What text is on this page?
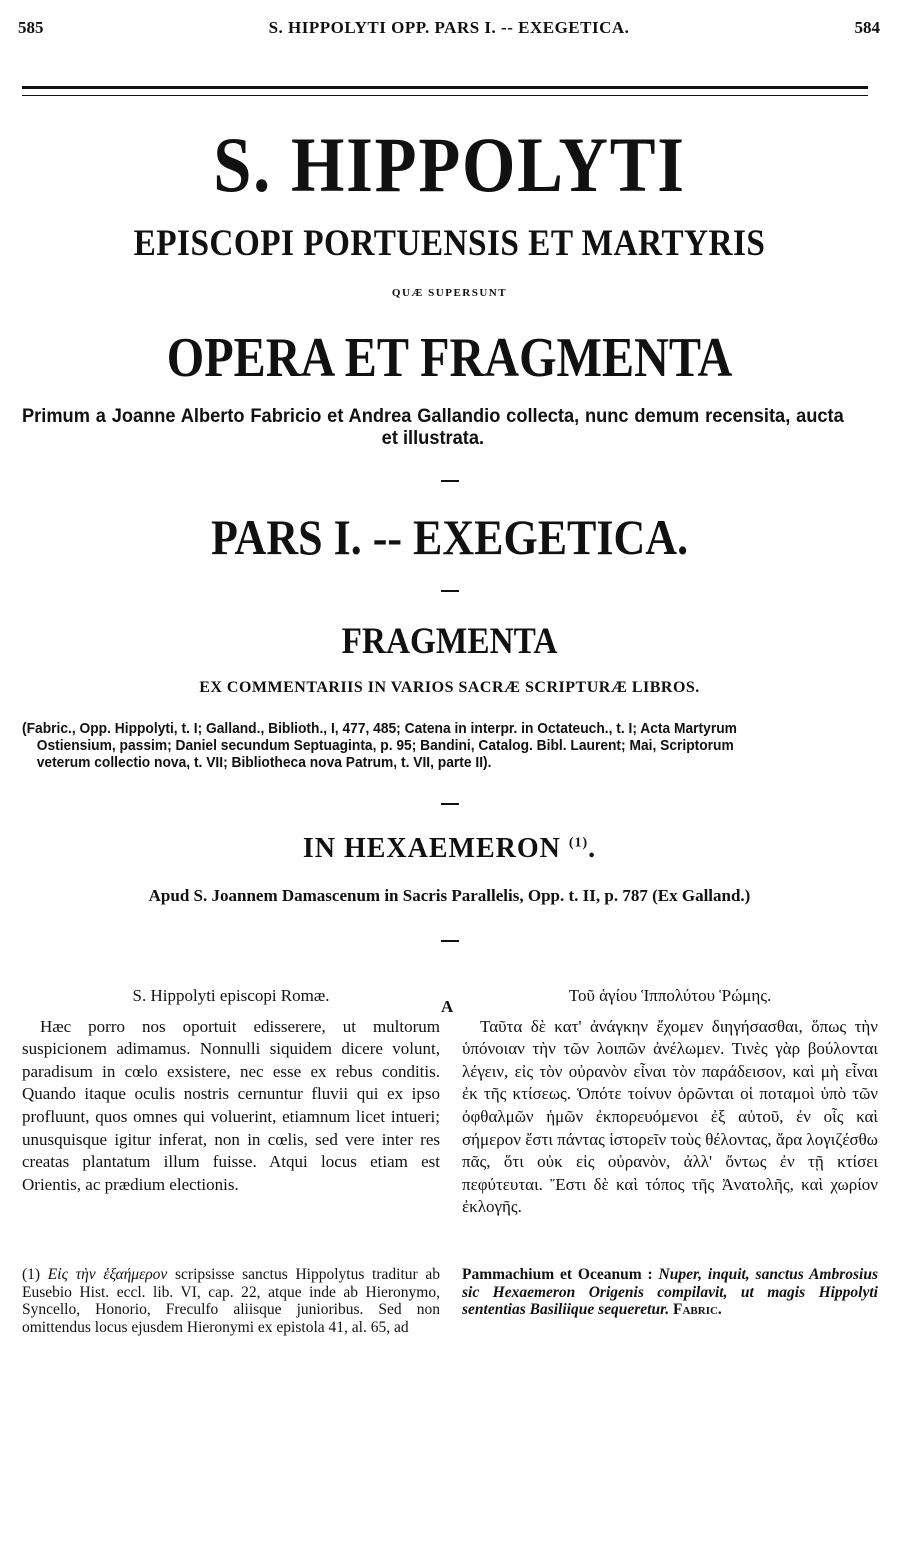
585	S. HIPPOLYTI OPP. PARS I. -- EXEGETICA.	584
S. HIPPOLYTI
EPISCOPI PORTUENSIS ET MARTYRIS
QUÆ SUPERSUNT
OPERA ET FRAGMENTA
Primum a Joanne Alberto Fabricio et Andrea Gallandio collecta, nunc demum recensita, aucta et illustrata.
PARS I. -- EXEGETICA.
FRAGMENTA
EX COMMENTARIIS IN VARIOS SACRÆ SCRIPTURÆ LIBROS.
(Fabric., Opp. Hippolyti, t. I; Galland., Biblioth., I, 477, 485; Catena in interpr. in Octateuch., t. I; Acta Martyrum
Ostiensium, passim; Daniel secundum Septuaginta, p. 95; Bandini, Catalog. Bibl. Laurent; Mai, Scriptorum
veterum collectio nova, t. VII; Bibliotheca nova Patrum, t. VII, parte II).
IN HEXAEMERON $^{(1)}$.
Apud S. Joannem Damascenum in Sacris Parallelis, Opp. t. II, p. 787 (Ex Galland.)
S. Hippolyti episcopi Romæ.

Hæc porro nos oportuit edisserere, ut multorum suspicionem adimamus. Nonnulli siquidem dicere volunt, paradisum in cœlo exsistere, nec esse ex rebus conditis. Quando itaque oculis nostris cernuntur fluvii qui ex ipso profluunt, quos omnes qui voluerint, etiamnum licet intueri; unusquisque igitur inferat, non in cœlis, sed vere inter res creatas plantatum illum fuisse. Atqui locus etiam est Orientis, ac prædium electionis.

A
Τοῦ ἁγίου Ἱππολύτου Ῥώμης.

Ταῦτα δὲ κατ' ἀνάγκην ἔχομεν διηγήσασθαι, ὅπως τὴν ὑπόνοιαν τὴν τῶν λοιπῶν ἀνέλωμεν. Τινὲς γὰρ βούλονται λέγειν, εἰς τὸν οὐρανὸν εἶναι τὸν παράδεισον, καὶ μὴ εἶναι ἐκ τῆς κτίσεως. Ὁπότε τοίνυν ὁρῶνται οἱ ποταμοὶ ὑπὸ τῶν ὀφθαλμῶν ἡμῶν ἐκπορευόμενοι ἐξ αὐτοῦ, ἐν οἷς καὶ σήμερον ἔστι πάντας ἱστορεῖν τοὺς θέλοντας, ἄρα λογιζέσθω πᾶς, ὅτι οὐκ εἰς οὐρανὸν, ἀλλ' ὄντως ἐν τῇ κτίσει πεφύτευται. Ἔστι δὲ καὶ τόπος τῆς Ἀνατολῆς, καὶ χωρίον ἐκλογῆς.

(1) Εἰς τὴν ἑξαήμερον scripsisse sanctus Hippolytus traditur ab Eusebio Hist. eccl. lib. VI, cap. 22, atque inde ab Hieronymo, Syncello, Honorio, Freculfo aliisque junioribus. Sed non omittendus locus ejusdem Hieronymi ex epistola 41, al. 65, ad

Pammachium et Oceanum : Nuper, inquit, sanctus Ambrosius sic Hexaemeron Origenis compilavit, ut magis Hippolyti sententias Basiliique sequeretur. Fabric.
